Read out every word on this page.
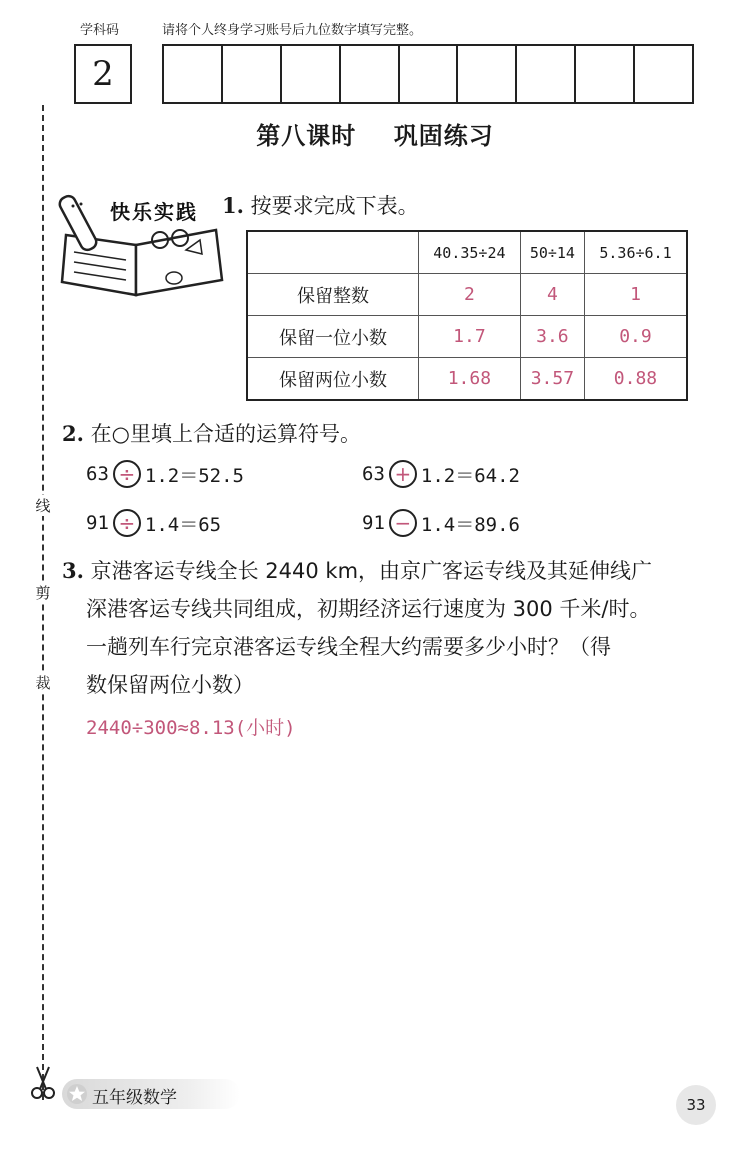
学科码	请将个人终身学习账号后九位数字填写完整。
2
第八课时    巩固练习
线
剪
裁
快乐实践 1. 按要求完成下表。
	40.35÷24	50÷14	5.36÷6.1
保留整数	2	4	1
保留一位小数	1.7	3.6	0.9
保留两位小数	1.68	3.57	0.88
2. 在○里填上合适的运算符号。
63 ÷ 1.2＝52.5	63 + 1.2＝64.2
91 ÷ 1.4＝65	91 − 1.4＝89.6
3. 京港客运专线全长 2440 km，由京广客运专线及其延伸线广
深港客运专线共同组成，初期经济运行速度为 300 千米/时。
一趟列车行完京港客运专线全程大约需要多少小时？（得
数保留两位小数）
2440÷300≈8.13(小时)
五年级数学	33
